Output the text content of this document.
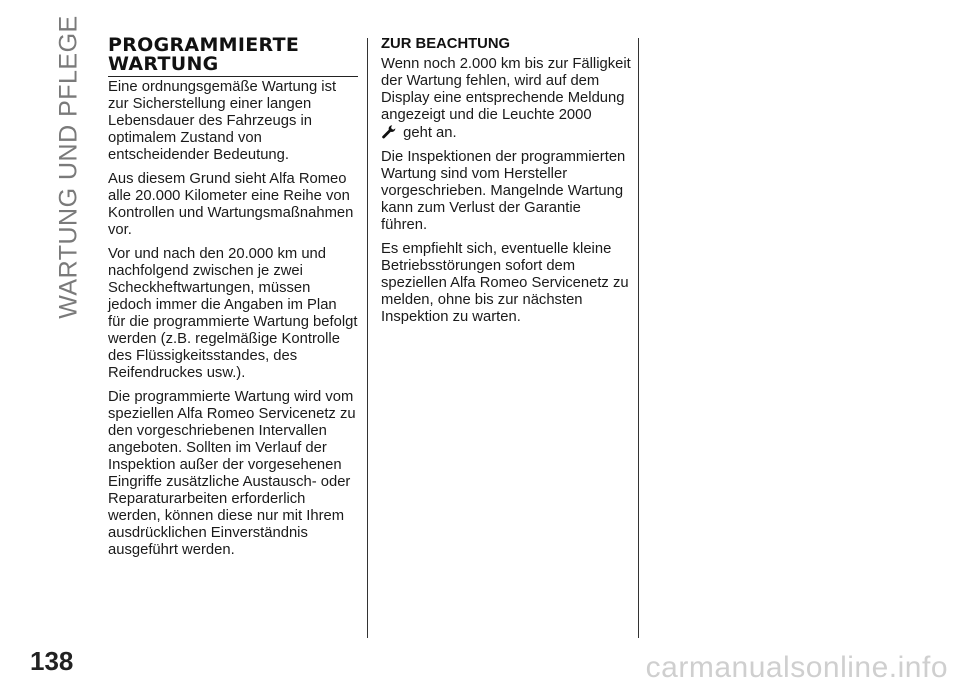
WARTUNG UND PFLEGE PROGRAMMIERTE
WARTUNG

Eine ordnungsgemäße Wartung ist zur Sicherstellung einer langen Lebensdauer des Fahrzeugs in optimalem Zustand von entscheidender Bedeutung.

Aus diesem Grund sieht Alfa Romeo alle 20.000 Kilometer eine Reihe von Kontrollen und Wartungsmaßnahmen vor.

Vor und nach den 20.000 km und nachfolgend zwischen je zwei Scheckheftwartungen, müssen jedoch immer die Angaben im Plan für die programmierte Wartung befolgt werden (z.B. regelmäßige Kontrolle des Flüssigkeitsstandes, des Reifendruckes usw.).

Die programmierte Wartung wird vom speziellen Alfa Romeo Servicenetz zu den vorgeschriebenen Intervallen angeboten. Sollten im Verlauf der Inspektion außer der vorgesehenen Eingriffe zusätzliche Austausch- oder Reparaturarbeiten erforderlich werden, können diese nur mit Ihrem ausdrücklichen Einverständnis ausgeführt werden.

ZUR BEACHTUNG

Wenn noch 2.000 km bis zur Fälligkeit der Wartung fehlen, wird auf dem Display eine entsprechende Meldung angezeigt und die Leuchte 2000
geht an.

Die Inspektionen der programmierten Wartung sind vom Hersteller vorgeschrieben. Mangelnde Wartung kann zum Verlust der Garantie führen.

Es empfiehlt sich, eventuelle kleine Betriebsstörungen sofort dem speziellen Alfa Romeo Servicenetz zu melden, ohne bis zur nächsten Inspektion zu warten.

138	carmanualsonline.info
